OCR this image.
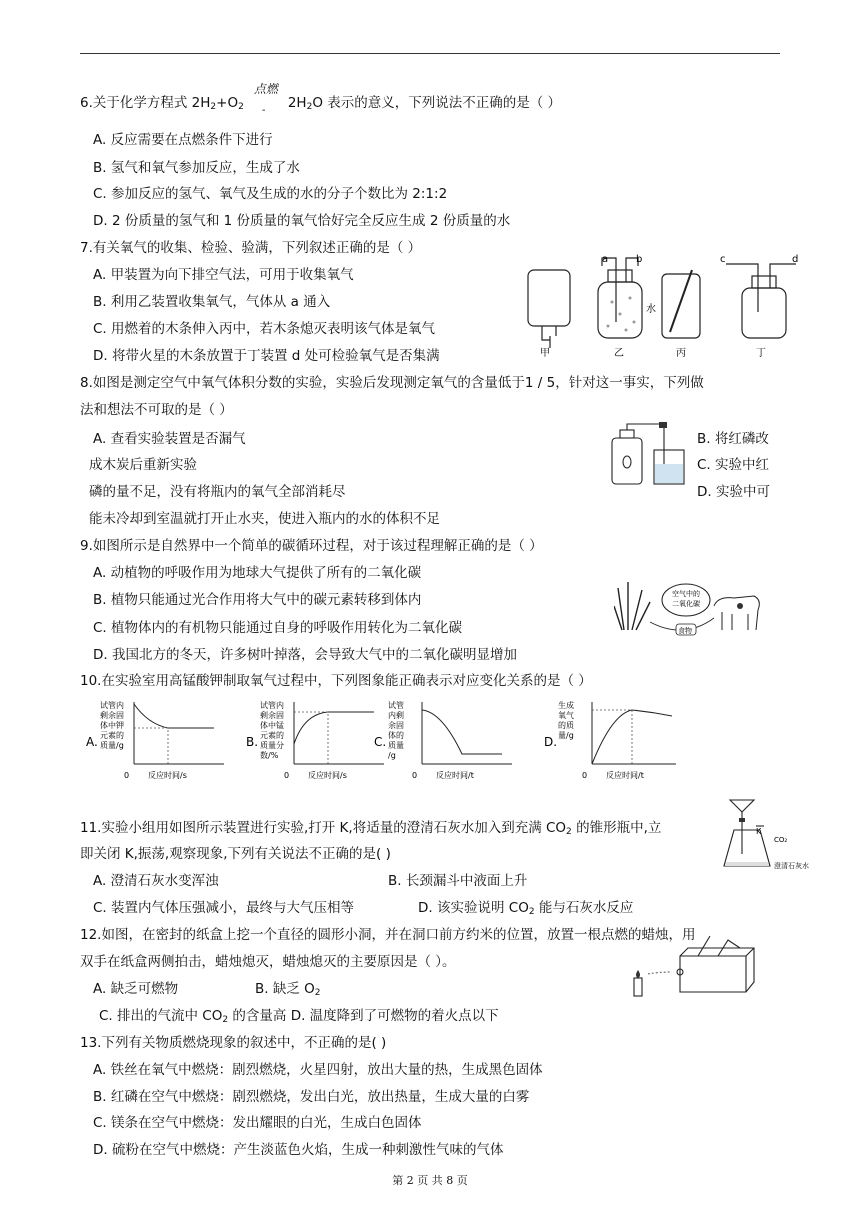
6.关于化学方程式 $2H_2+O_2$
点燃
- $2H_2O$ 表示的意义，下列说法不正确的是（ ）
A. 反应需要在点燃条件下进行
B. 氢气和氧气参加反应，生成了水
C. 参加反应的氢气、氧气及生成的水的分子个数比为 2:1:2
D. 2 份质量的氢气和 1 份质量的氧气恰好完全反应生成 2 份质量的水
7.有关氧气的收集、检验、验满，下列叙述正确的是（ ）
A. 甲装置为向下排空气法，可用于收集氧气
B. 利用乙装置收集氧气，气体从 a 通入
C. 用燃着的木条伸入丙中，若木条熄灭表明该气体是氧气
D. 将带火星的木条放置于丁装置 d 处可检验氧气是否集满
a	b	c	d
水
甲	乙	丙	丁
8.如图是测定空气中氧气体积分数的实验，实验后发现测定氧气的含量低于1 / 5，针对这一事实，下列做
法和想法不可取的是（ ）
A. 查看实验装置是否漏气
成木炭后重新实验
磷的量不足，没有将瓶内的氧气全部消耗尽
能未冷却到室温就打开止水夹，使进入瓶内的水的体积不足
B. 将红磷改
C. 实验中红
D. 实验中可
9.如图所示是自然界中一个简单的碳循环过程，对于该过程理解正确的是（ ）
A. 动植物的呼吸作用为地球大气提供了所有的二氧化碳
B. 植物只能通过光合作用将大气中的碳元素转移到体内
C. 植物体内的有机物只能通过自身的呼吸作用转化为二氧化碳
D. 我国北方的冬天，许多树叶掉落，会导致大气中的二氧化碳明显增加
空气中的
二氧化碳
食物
10.在实验室用高锰酸钾制取氧气过程中，下列图象能正确表示对应变化关系的是（ ）
A.
试管内
剩余固
体中钾
元素的
质量/g
0 反应时间/s
B.
试管内
剩余固
体中锰
元素的
质量分
数/%
0 反应时间/s
C.
试管
内剩
余固
体的
质量
/g
0 反应时间/t
D.
生成
氧气
的质
量/g
0 反应时间/t
11.实验小组用如图所示装置进行实验,打开 K,将适量的澄清石灰水加入到充满 $CO_2$ 的锥形瓶中,立
即关闭 K,振荡,观察现象,下列有关说法不正确的是( )
A. 澄清石灰水变浑浊	B. 长颈漏斗中液面上升
C. 装置内气体压强减小，最终与大气压相等	D. 该实验说明 $CO_2$ 能与石灰水反应
K
CO₂
澄清石灰水
12.如图，在密封的纸盒上挖一个直径的圆形小洞，并在洞口前方约米的位置，放置一根点燃的蜡烛，用
双手在纸盒两侧拍击，蜡烛熄灭，蜡烛熄灭的主要原因是（ ）。
A. 缺乏可燃物	B. 缺乏 $O_2$
C. 排出的气流中 $CO_2$ 的含量高 D. 温度降到了可燃物的着火点以下
13.下列有关物质燃烧现象的叙述中，不正确的是( )
A. 铁丝在氧气中燃烧：剧烈燃烧，火星四射，放出大量的热，生成黑色固体
B. 红磷在空气中燃烧：剧烈燃烧，发出白光，放出热量，生成大量的白雾
C. 镁条在空气中燃烧：发出耀眼的白光，生成白色固体
D. 硫粉在空气中燃烧：产生淡蓝色火焰，生成一种刺激性气味的气体
第 2 页 共 8 页
